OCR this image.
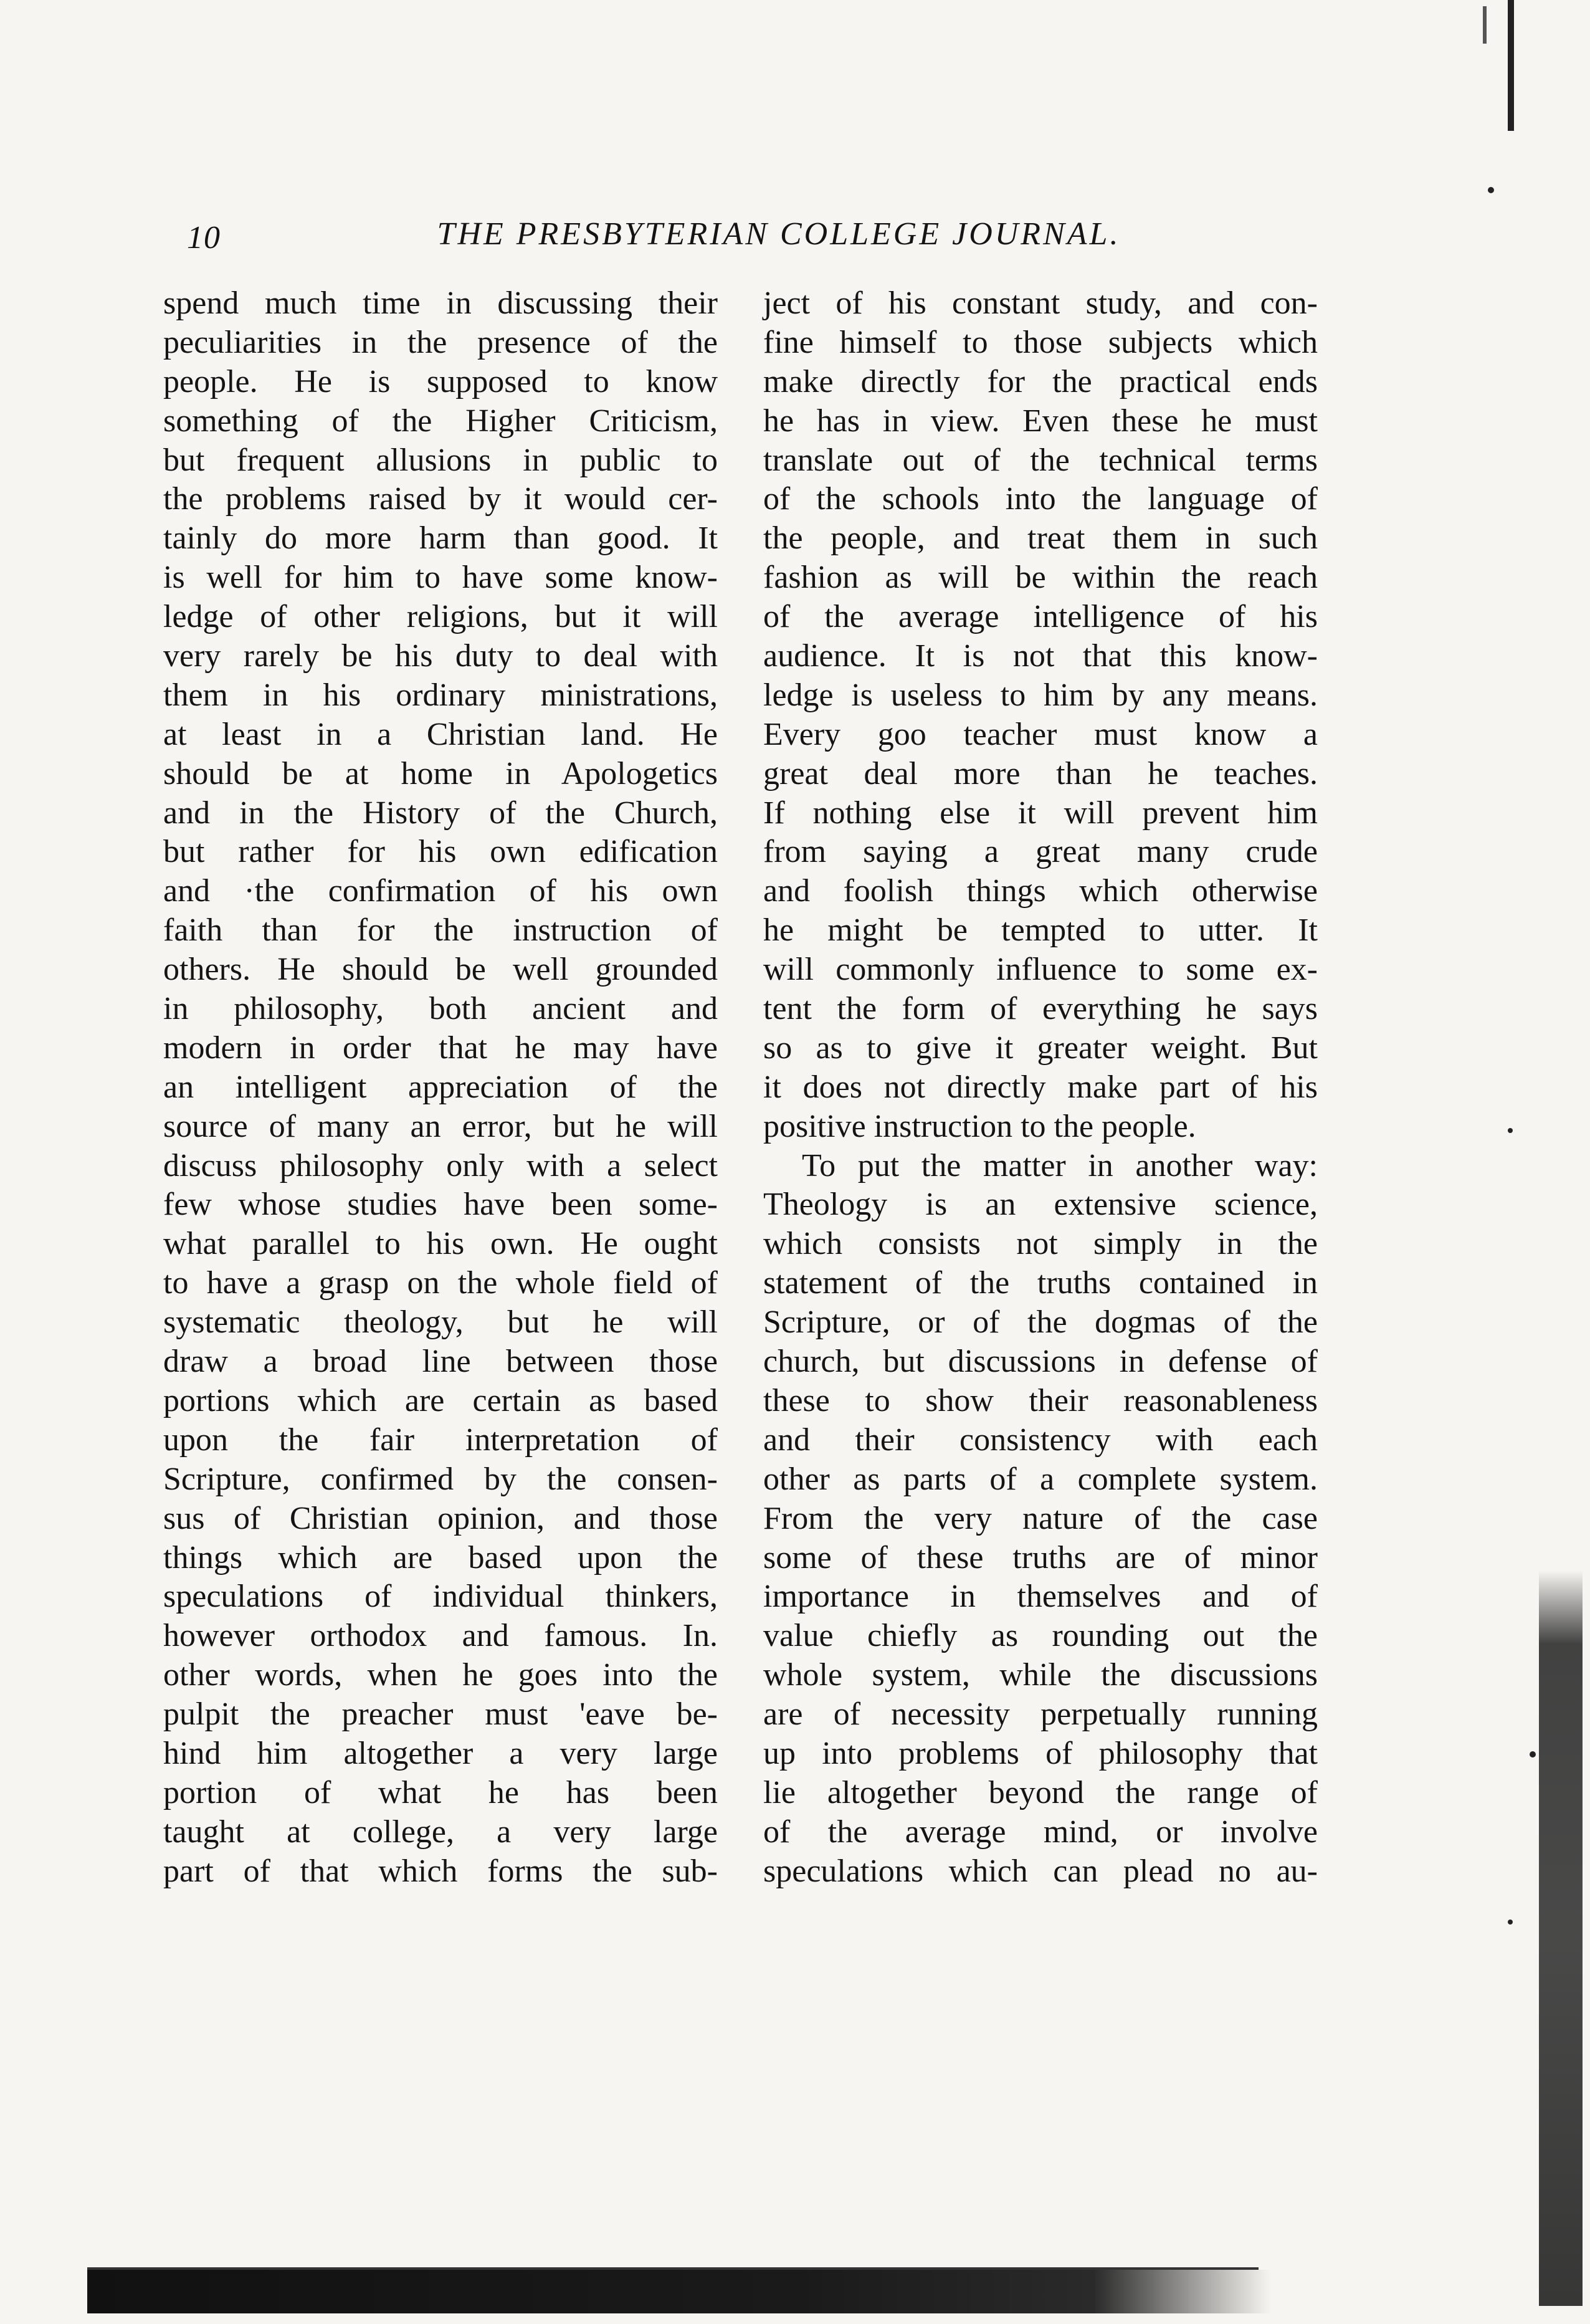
10	THE PRESBYTERIAN COLLEGE JOURNAL.
spend much time in discussing their
peculiarities in the presence of the
people. He is supposed to know
something of the Higher Criticism,
but frequent allusions in public to
the problems raised by it would cer-
tainly do more harm than good. It
is well for him to have some know-
ledge of other religions, but it will
very rarely be his duty to deal with
them in his ordinary ministrations,
at least in a Christian land. He
should be at home in Apologetics
and in the History of the Church,
but rather for his own edification
and ·the confirmation of his own
faith than for the instruction of
others. He should be well grounded
in philosophy, both ancient and
modern in order that he may have
an intelligent appreciation of the
source of many an error, but he will
discuss philosophy only with a select
few whose studies have been some-
what parallel to his own. He ought
to have a grasp on the whole field of
systematic theology, but he will
draw a broad line between those
portions which are certain as based
upon the fair interpretation of
Scripture, confirmed by the consen-
sus of Christian opinion, and those
things which are based upon the
speculations of individual thinkers,
however orthodox and famous. In.
other words, when he goes into the
pulpit the preacher must 'eave be-
hind him altogether a very large
portion of what he has been
taught at college, a very large
part of that which forms the sub-
ject of his constant study, and con-
fine himself to those subjects which
make directly for the practical ends
he has in view. Even these he must
translate out of the technical terms
of the schools into the language of
the people, and treat them in such
fashion as will be within the reach
of the average intelligence of his
audience. It is not that this know-
ledge is useless to him by any means.
Every goo teacher must know a
great deal more than he teaches.
If nothing else it will prevent him
from saying a great many crude
and foolish things which otherwise
he might be tempted to utter. It
will commonly influence to some ex-
tent the form of everything he says
so as to give it greater weight. But
it does not directly make part of his
positive instruction to the people.
To put the matter in another way:
Theology is an extensive science,
which consists not simply in the
statement of the truths contained in
Scripture, or of the dogmas of the
church, but discussions in defense of
these to show their reasonableness
and their consistency with each
other as parts of a complete system.
From the very nature of the case
some of these truths are of minor
importance in themselves and of
value chiefly as rounding out the
whole system, while the discussions
are of necessity perpetually running
up into problems of philosophy that
lie altogether beyond the range of
of the average mind, or involve
speculations which can plead no au-
